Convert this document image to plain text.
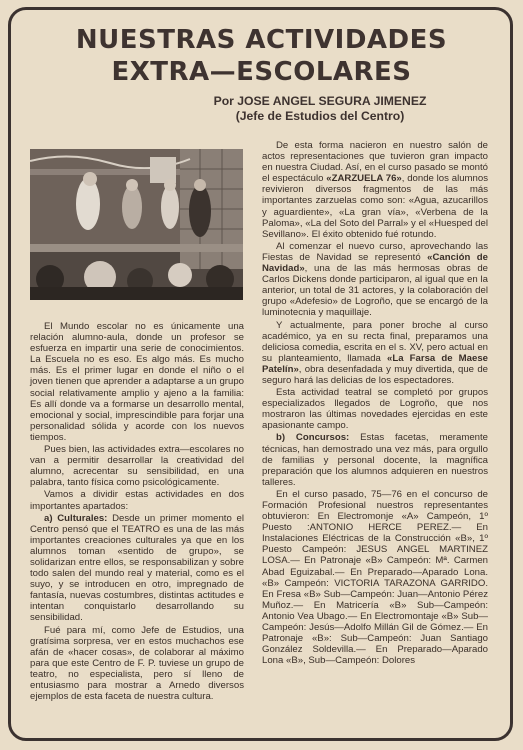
NUESTRAS ACTIVIDADES
EXTRA—ESCOLARES
Por JOSE ANGEL SEGURA JIMENEZ
(Jefe de Estudios del Centro)

El Mundo escolar no es únicamente una relación alumno-aula, donde un profesor se esfuerza en impartir una serie de conocimientos. La Escuela no es eso. Es algo más. Es mucho más. Es el primer lugar en donde el niño o el joven tienen que aprender a adaptarse a un grupo social relativamente amplio y ajeno a la familia: Es allí donde va a formarse un desarrollo mental, emocional y social, imprescindible para forjar una personalidad sólida y acorde con los nuevos tiempos.

Pues bien, las actividades extra—escolares no van a permitir desarrollar la creatividad del alumno, acrecentar su sensibilidad, en una palabra, tanto física como psicológicamente.

Vamos a dividir estas actividades en dos importantes apartados:

a) Culturales: Desde un primer momento el Centro pensó que el TEATRO es una de las más importantes creaciones culturales ya que en los alumnos toman «sentido de grupo», se solidarizan entre ellos, se responsabilizan y sobre todo salen del mundo real y material, como es el suyo, y se introducen en otro, impregnado de fantasía, nuevas costumbres, distintas actitudes e intentan conquistarlo desarrollando su sensibilidad.

Fué para mí, como Jefe de Estudios, una gratísima sorpresa, ver en estos muchachos ese afán de «hacer cosas», de colaborar al máximo para que este Centro de F. P. tuviese un grupo de teatro, no especialista, pero sí lleno de entusiasmo para mostrar a Arnedo diversos ejemplos de esta faceta de nuestra cultura.

De esta forma nacieron en nuestro salón de actos representaciones que tuvieron gran impacto en nuestra Ciudad. Así, en el curso pasado se montó el espectáculo «ZARZUELA 76», donde los alumnos revivieron diversos fragmentos de las más importantes zarzuelas como son: «Agua, azucarillos y aguardiente», «La gran vía», «Verbena de la Paloma», «La del Soto del Parral» y el «Huesped del Sevillano». El éxito obtenido fué rotundo.

Al comenzar el nuevo curso, aprovechando las Fiestas de Navidad se representó «Canción de Navidad», una de las más hermosas obras de Carlos Dickens donde participaron, al igual que en la anterior, un total de 31 actores, y la colaboración del grupo «Adefesio» de Logroño, que se encargó de la luminotecnia y maquillaje.

Y actualmente, para poner broche al curso académico, ya en su recta final, preparamos una deliciosa comedia, escrita en el s. XV, pero actual en su planteamiento, llamada «La Farsa de Maese Patelín», obra desenfadada y muy divertida, que de seguro hará las delicias de los espectadores.

Esta actividad teatral se completó por grupos especializados llegados de Logroño, que nos mostraron las últimas novedades ejercidas en este apasionante campo.

b) Concursos: Estas facetas, meramente técnicas, han demostrado una vez más, para orgullo de familias y personal docente, la magnífica preparación que los alumnos adquieren en nuestros talleres.

En el curso pasado, 75—76 en el concurso de Formación Profesional nuestros representantes obtuvieron: En Electromonje «A» Campeón, 1º Puesto :ANTONIO HERCE PEREZ.— En Instalaciones Eléctricas de la Construcción «B», 1º Puesto Campeón: JESUS ANGEL MARTINEZ LOSA.— En Patronaje «B» Campeón: Mª. Carmen Abad Eguizabal.— En Preparado—Aparado Lona. «B» Campeón: VICTORIA TARAZONA GARRIDO. En Fresa «B» Sub—Campeón: Juan—Antonio Pérez Muñoz.— En Matricería «B» Sub—Campeón: Antonio Vea Ubago.— En Electromontaje «B» Sub—Campeón: Jesús—Adolfo Millán Gil de Gómez.— En Patronaje «B»: Sub—Campeón: Juan Santiago González Soldevilla.— En Preparado—Aparado Lona «B», Sub—Campeón: Dolores
